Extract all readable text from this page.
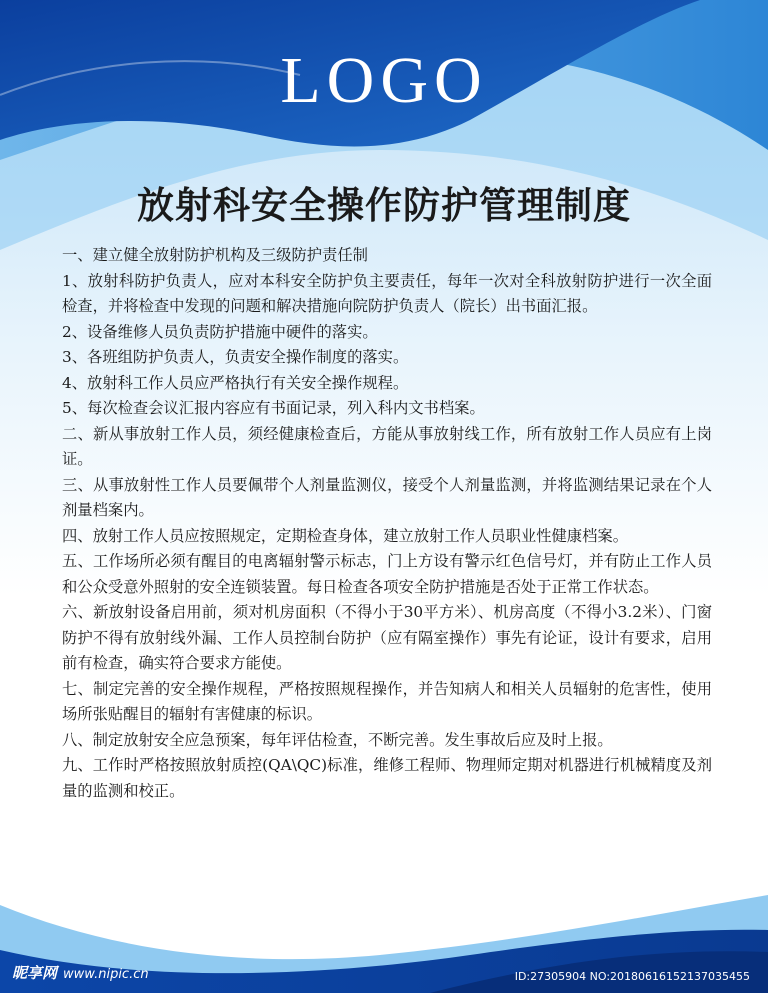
LOGO
放射科安全操作防护管理制度

一、建立健全放射防护机构及三级防护责任制

1、放射科防护负责人，应对本科安全防护负主要责任，每年一次对全科放射防护进行一次全面检查，并将检查中发现的问题和解决措施向院防护负责人（院长）出书面汇报。

2、设备维修人员负责防护措施中硬件的落实。

3、各班组防护负责人，负责安全操作制度的落实。

4、放射科工作人员应严格执行有关安全操作规程。

5、每次检查会议汇报内容应有书面记录，列入科内文书档案。

二、新从事放射工作人员，须经健康检查后，方能从事放射线工作，所有放射工作人员应有上岗证。

三、从事放射性工作人员要佩带个人剂量监测仪，接受个人剂量监测，并将监测结果记录在个人剂量档案内。

四、放射工作人员应按照规定，定期检查身体，建立放射工作人员职业性健康档案。

五、工作场所必须有醒目的电离辐射警示标志，门上方设有警示红色信号灯，并有防止工作人员和公众受意外照射的安全连锁装置。每日检查各项安全防护措施是否处于正常工作状态。

六、新放射设备启用前，须对机房面积（不得小于30平方米）、机房高度（不得小3.2米）、门窗防护不得有放射线外漏、工作人员控制台防护（应有隔室操作）事先有论证，设计有要求，启用前有检查，确实符合要求方能使。

七、制定完善的安全操作规程，严格按照规程操作，并告知病人和相关人员辐射的危害性，使用场所张贴醒目的辐射有害健康的标识。

八、制定放射安全应急预案，每年评估检查，不断完善。发生事故后应及时上报。

九、工作时严格按照放射质控(QA\QC)标准，维修工程师、物理师定期对机器进行机械精度及剂量的监测和校正。

昵享网 www.nipic.cn	ID:27305904 NO:20180616152137035455
